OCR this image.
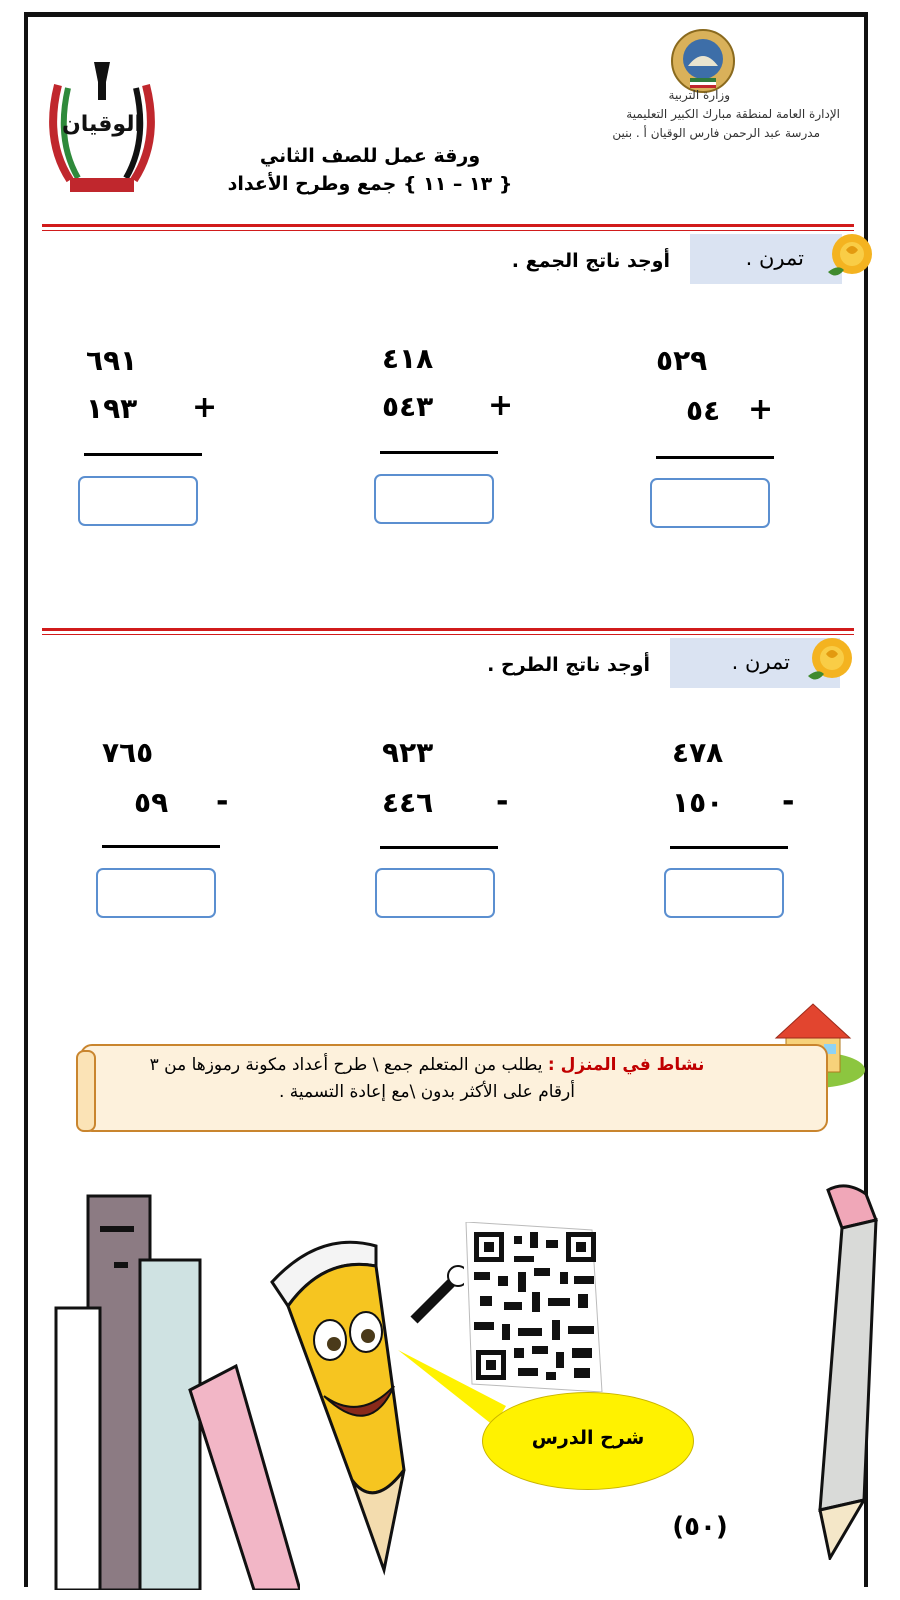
وزارة التربية
الإدارة العامة لمنطقة مبارك الكبير التعليمية
مدرسة عبد الرحمن فارس الوقيان أ . بنين
الوقيان
ورقة عمل للصف الثاني
{ ١٣ – ١١ } جمع وطرح الأعداد
تمرن .
أوجد ناتج الجمع .
٥٢٩
٥٤ +
٤١٨
٥٤٣ +
٦٩١
١٩٣ +
تمرن .
أوجد ناتج الطرح .
٤٧٨
١٥٠ -
٩٢٣
٤٤٦ -
٧٦٥
٥٩ -
نشاط في المنزل : يطلب من المتعلم جمع \ طرح أعداد مكونة رموزها من ٣
أرقام على الأكثر بدون \مع إعادة التسمية .
شرح الدرس
(٥٠)
